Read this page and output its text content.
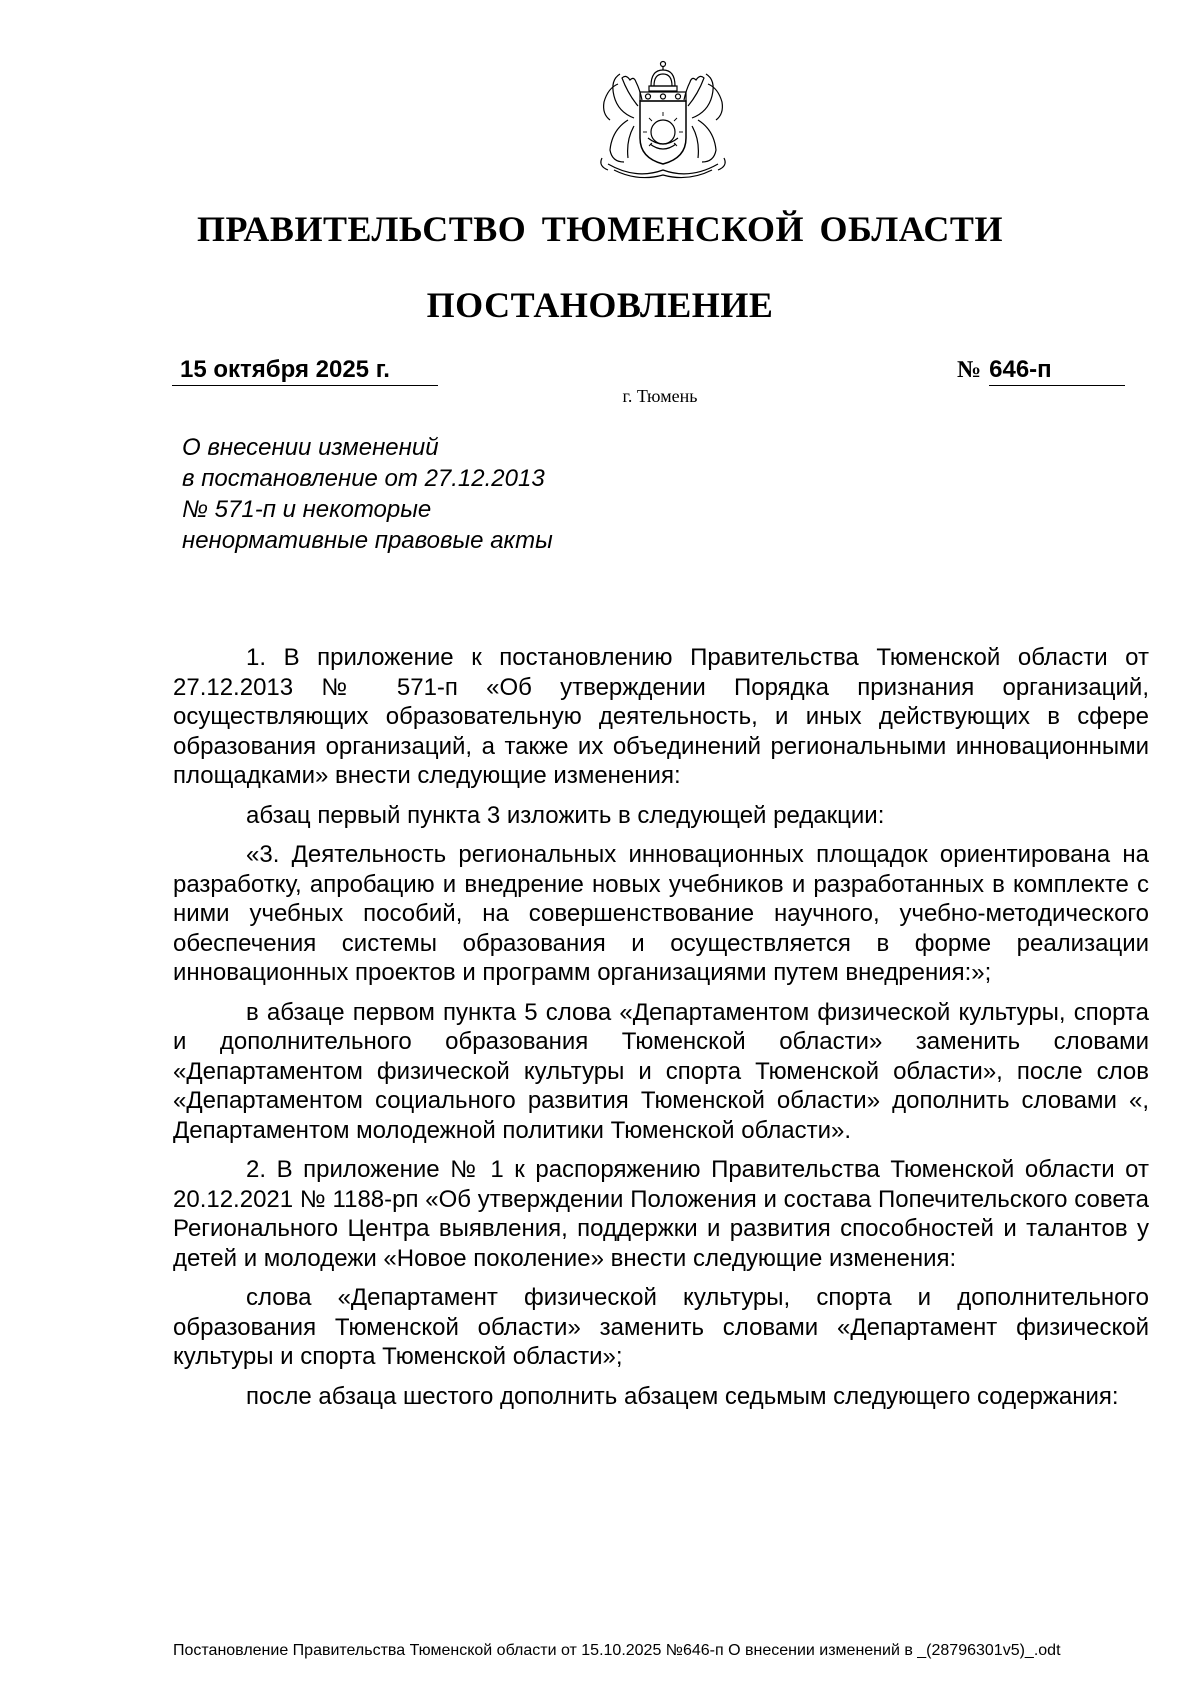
ПРАВИТЕЛЬСТВО ТЮМЕНСКОЙ ОБЛАСТИ
ПОСТАНОВЛЕНИЕ
15 октября 2025 г.	№ 646-п
г. Тюмень
О внесении изменений
в постановление от 27.12.2013
№ 571-п и некоторые
ненормативные правовые акты

1. В приложение к постановлению Правительства Тюменской области от 27.12.2013 № 571-п «Об утверждении Порядка признания организаций, осуществляющих образовательную деятельность, и иных действующих в сфере образования организаций, а также их объединений региональными инновационными площадками» внести следующие изменения:

абзац первый пункта 3 изложить в следующей редакции:

«3. Деятельность региональных инновационных площадок ориентирована на разработку, апробацию и внедрение новых учебников и разработанных в комплекте с ними учебных пособий, на совершенствование научного, учебно-методического обеспечения системы образования и осуществляется в форме реализации инновационных проектов и программ организациями путем внедрения:»;

в абзаце первом пункта 5 слова «Департаментом физической культуры, спорта и дополнительного образования Тюменской области» заменить словами «Департаментом физической культуры и спорта Тюменской области», после слов «Департаментом социального развития Тюменской области» дополнить словами «, Департаментом молодежной политики Тюменской области».

2. В приложение № 1 к распоряжению Правительства Тюменской области от 20.12.2021 № 1188-рп «Об утверждении Положения и состава Попечительского совета Регионального Центра выявления, поддержки и развития способностей и талантов у детей и молодежи «Новое поколение» внести следующие изменения:

слова «Департамент физической культуры, спорта и дополнительного образования Тюменской области» заменить словами «Департамент физической культуры и спорта Тюменской области»;

после абзаца шестого дополнить абзацем седьмым следующего содержания:

Постановление Правительства Тюменской области от 15.10.2025 №646-п О внесении изменений в _(28796301v5)_.odt
